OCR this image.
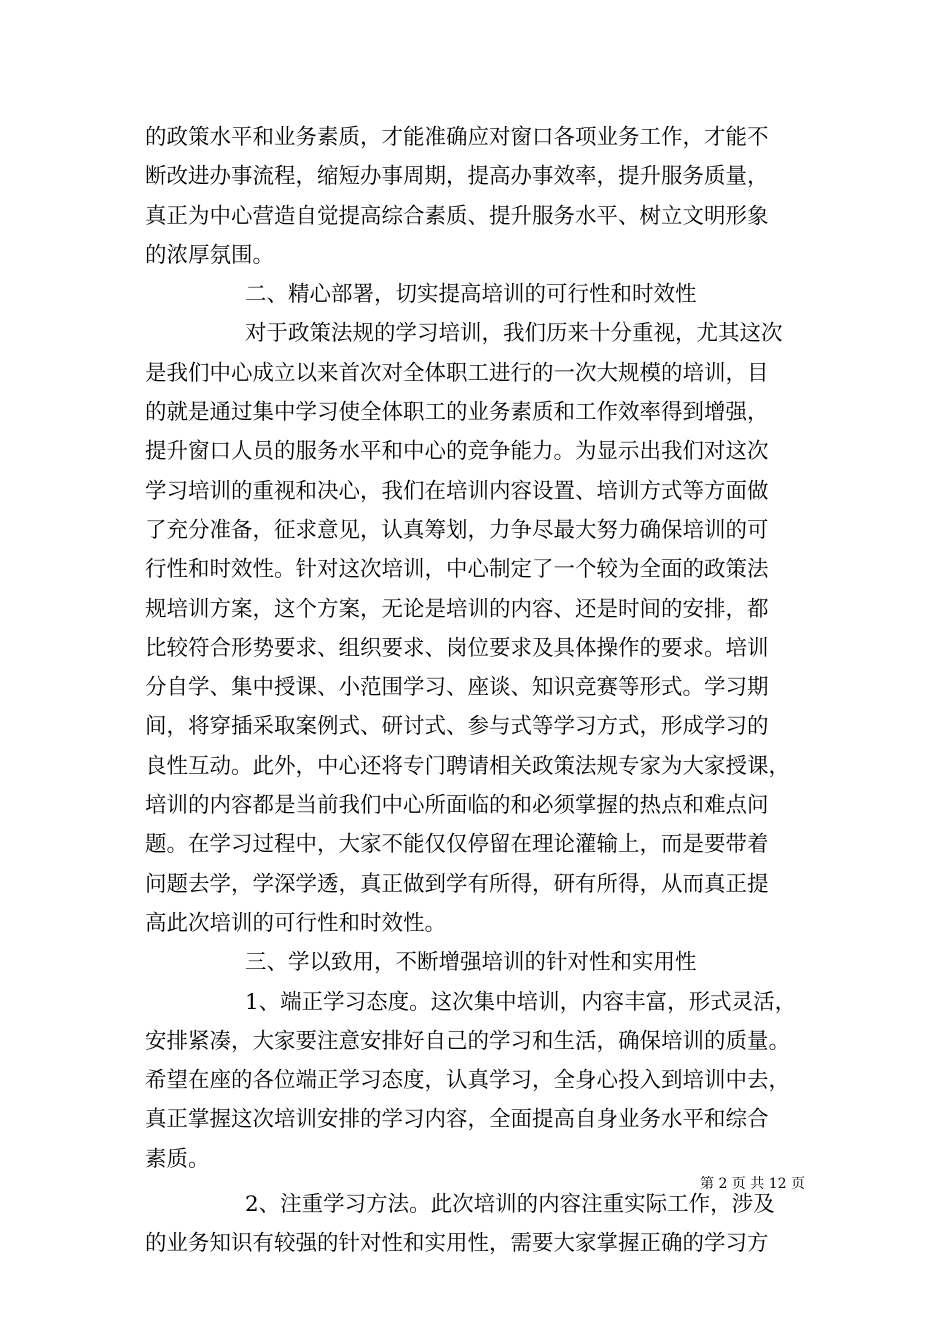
的政策水平和业务素质，才能准确应对窗口各项业务工作，才能不
断改进办事流程，缩短办事周期，提高办事效率，提升服务质量，
真正为中心营造自觉提高综合素质、提升服务水平、树立文明形象
的浓厚氛围。
二、精心部署，切实提高培训的可行性和时效性
对于政策法规的学习培训，我们历来十分重视，尤其这次
是我们中心成立以来首次对全体职工进行的一次大规模的培训，目
的就是通过集中学习使全体职工的业务素质和工作效率得到增强，
提升窗口人员的服务水平和中心的竞争能力。为显示出我们对这次
学习培训的重视和决心，我们在培训内容设置、培训方式等方面做
了充分准备，征求意见，认真筹划，力争尽最大努力确保培训的可
行性和时效性。针对这次培训，中心制定了一个较为全面的政策法
规培训方案，这个方案，无论是培训的内容、还是时间的安排，都
比较符合形势要求、组织要求、岗位要求及具体操作的要求。培训
分自学、集中授课、小范围学习、座谈、知识竞赛等形式。学习期
间，将穿插采取案例式、研讨式、参与式等学习方式，形成学习的
良性互动。此外，中心还将专门聘请相关政策法规专家为大家授课，
培训的内容都是当前我们中心所面临的和必须掌握的热点和难点问
题。在学习过程中，大家不能仅仅停留在理论灌输上，而是要带着
问题去学，学深学透，真正做到学有所得，研有所得，从而真正提
高此次培训的可行性和时效性。
三、学以致用，不断增强培训的针对性和实用性
1、端正学习态度。这次集中培训，内容丰富，形式灵活，
安排紧凑，大家要注意安排好自己的学习和生活，确保培训的质量。
希望在座的各位端正学习态度，认真学习，全身心投入到培训中去，
真正掌握这次培训安排的学习内容，全面提高自身业务水平和综合
素质。
2、注重学习方法。此次培训的内容注重实际工作，涉及
的业务知识有较强的针对性和实用性，需要大家掌握正确的学习方
第 2 页 共 12 页
